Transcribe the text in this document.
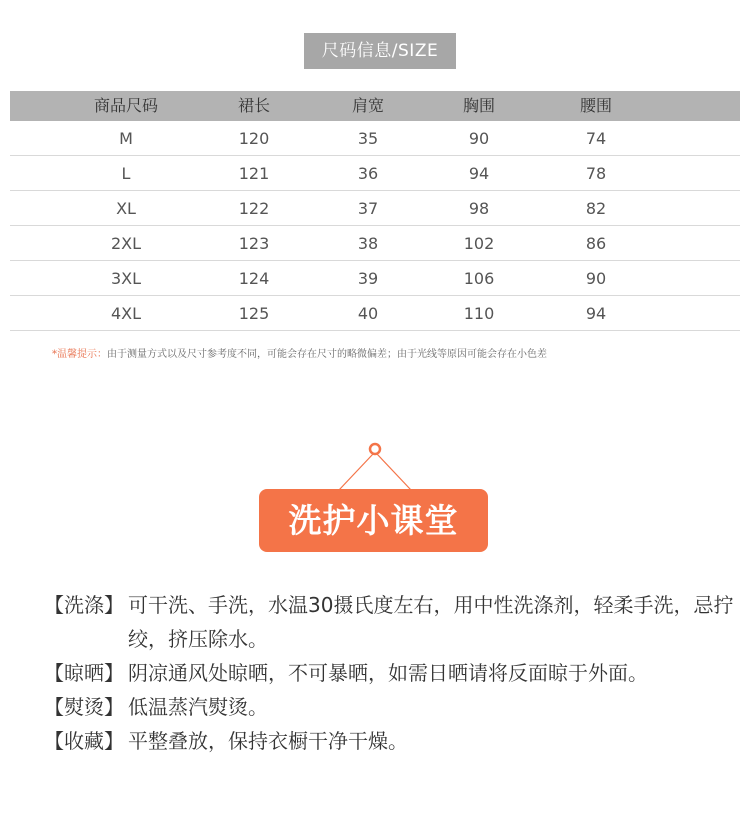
尺码信息/SIZE
商品尺码	裙长	肩宽	胸围	腰围
M	120	35	90	74
L	121	36	94	78
XL	122	37	98	82
2XL	123	38	102	86
3XL	124	39	106	90
4XL	125	40	110	94
*温馨提示：由于测量方式以及尺寸参考度不同，可能会存在尺寸的略微偏差；由于光线等原因可能会存在小色差
洗护小课堂
【洗涤】 可干洗、手洗，水温30摄氏度左右，用中性洗涤剂，轻柔手洗，忌拧绞，挤压除水。
【晾晒】 阴凉通风处晾晒，不可暴晒，如需日晒请将反面晾于外面。
【熨烫】 低温蒸汽熨烫。
【收藏】 平整叠放，保持衣橱干净干燥。
